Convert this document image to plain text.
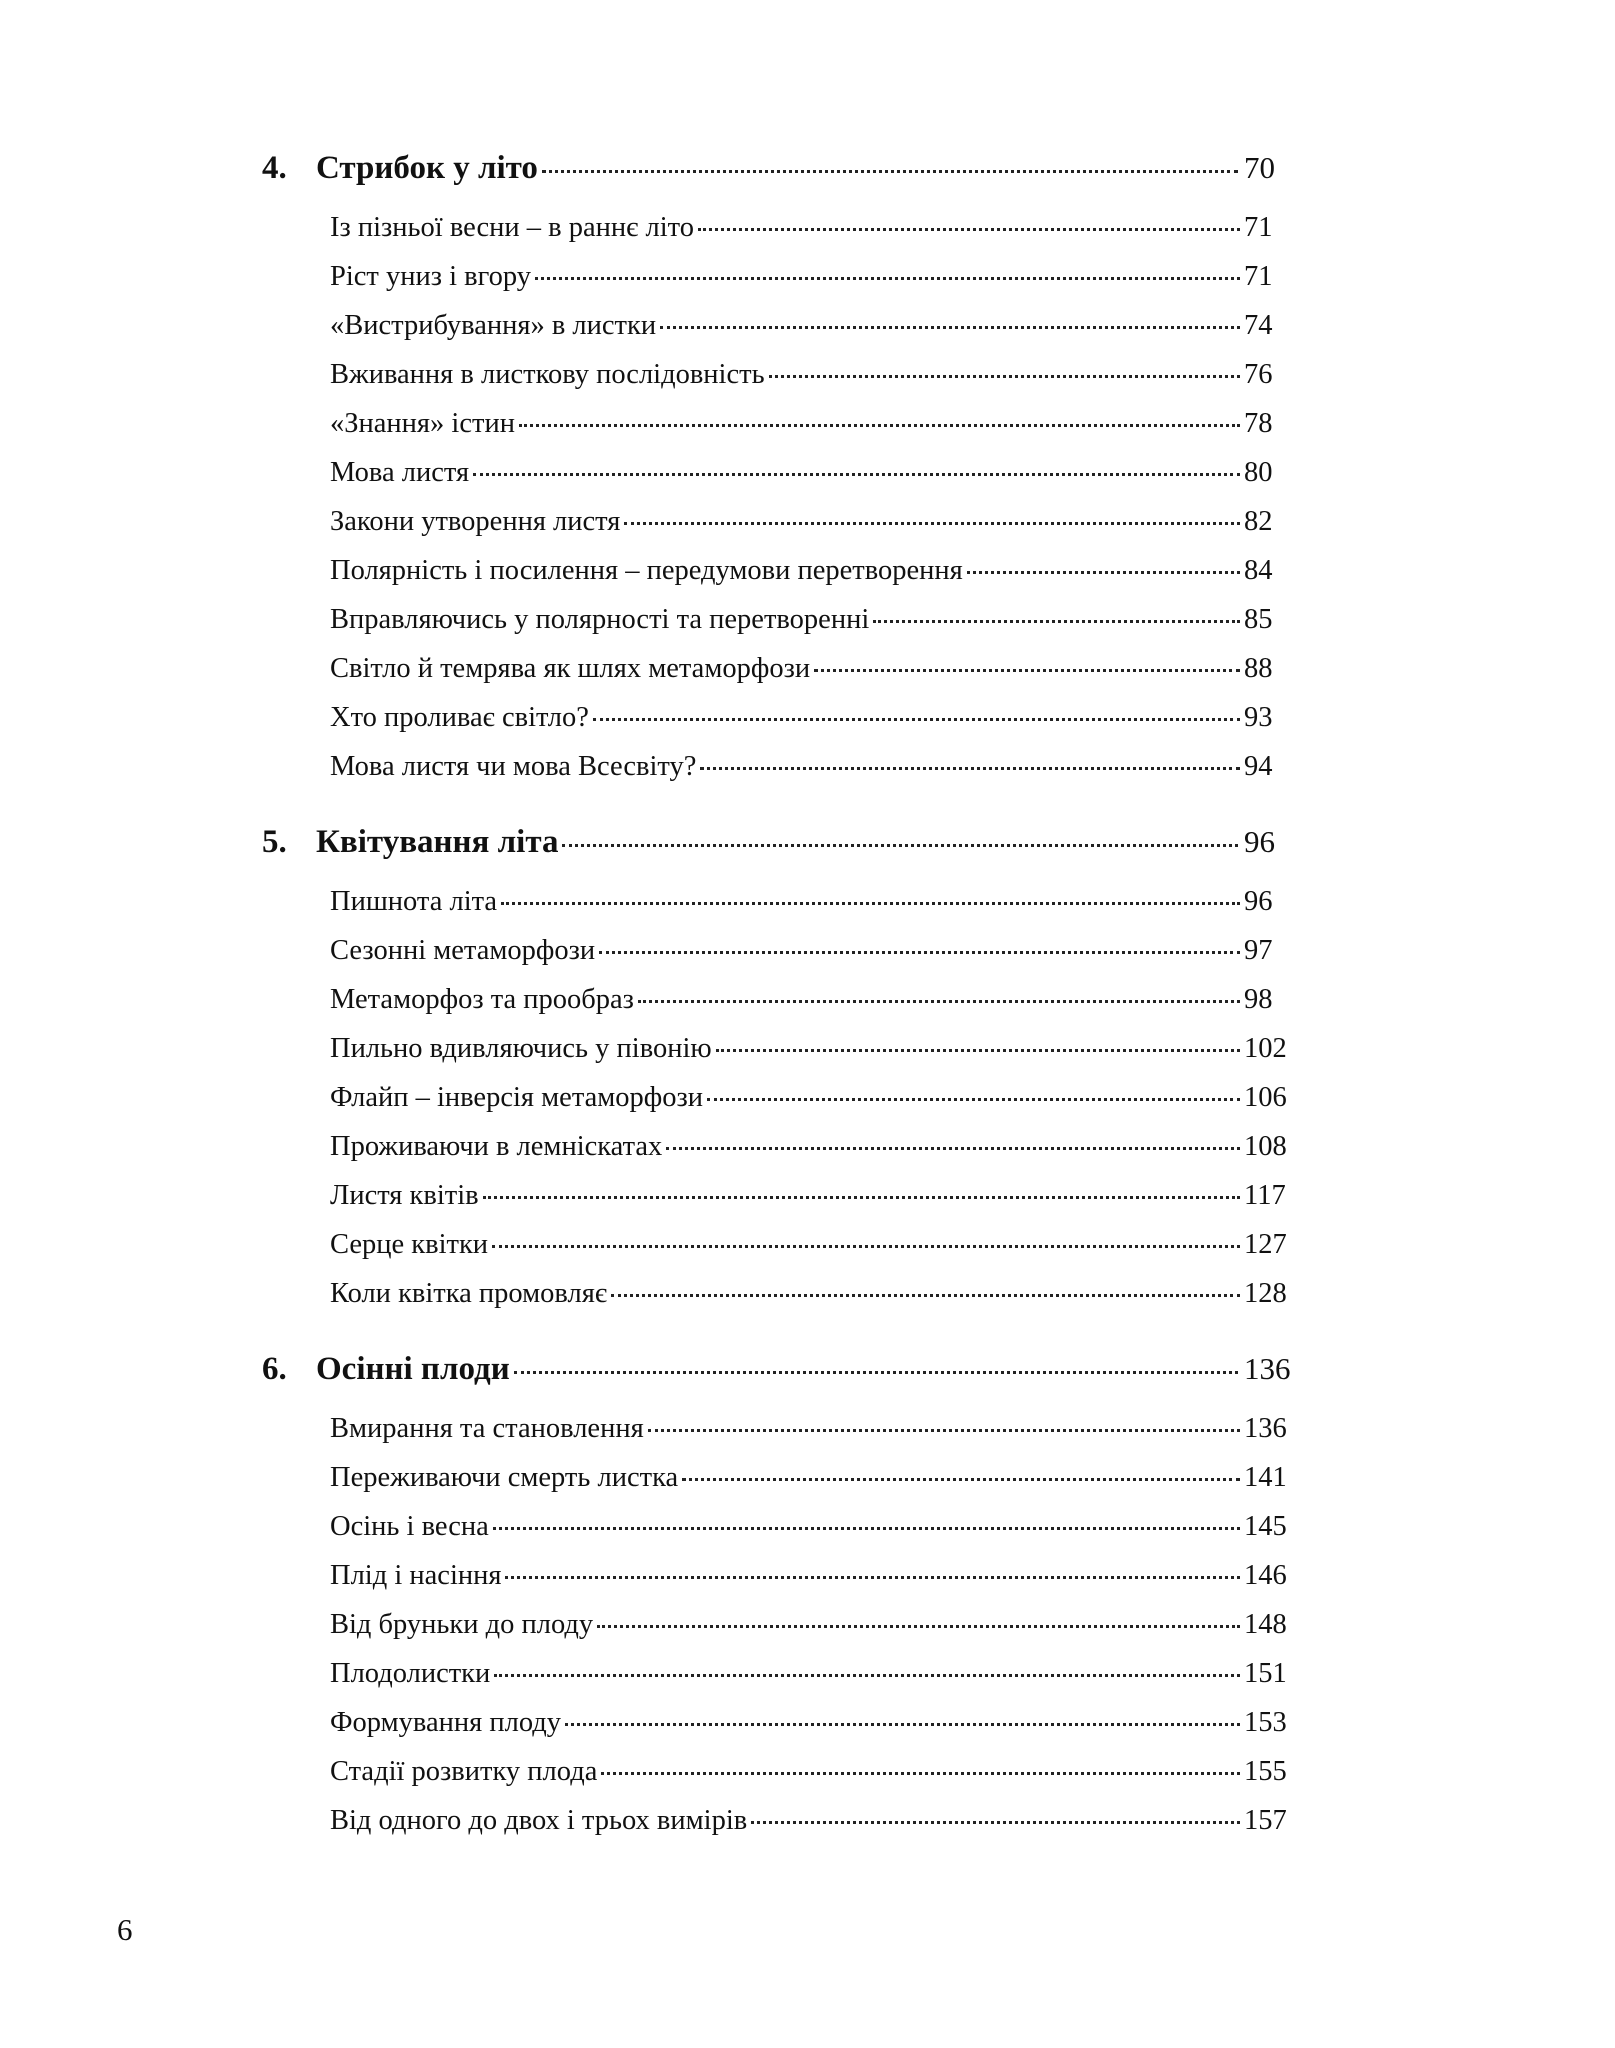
4. Стрибок у літо	70
Із пізньої весни – в раннє літо	71
Ріст униз і вгору	71
«Вистрибування» в листки	74
Вживання в листкову послідовність	76
«Знання» істин	78
Мова листя	80
Закони утворення листя	82
Полярність і посилення – передумови перетворення	84
Вправляючись у полярності та перетворенні	85
Світло й темрява як шлях метаморфози	88
Хто проливає світло?	93
Мова листя чи мова Всесвіту?	94
5. Квітування літа	96
Пишнота літа	96
Сезонні метаморфози	97
Метаморфоз та прообраз	98
Пильно вдивляючись у півонію	102
Флайп – інверсія метаморфози	106
Проживаючи в лемніскатах	108
Листя квітів	117
Серце квітки	127
Коли квітка промовляє	128
6. Осінні плоди	136
Вмирання та становлення	136
Переживаючи смерть листка	141
Осінь і весна	145
Плід і насіння	146
Від бруньки до плоду	148
Плодолистки	151
Формування плоду	153
Стадії розвитку плода	155
Від одного до двох і трьох вимірів	157
6
